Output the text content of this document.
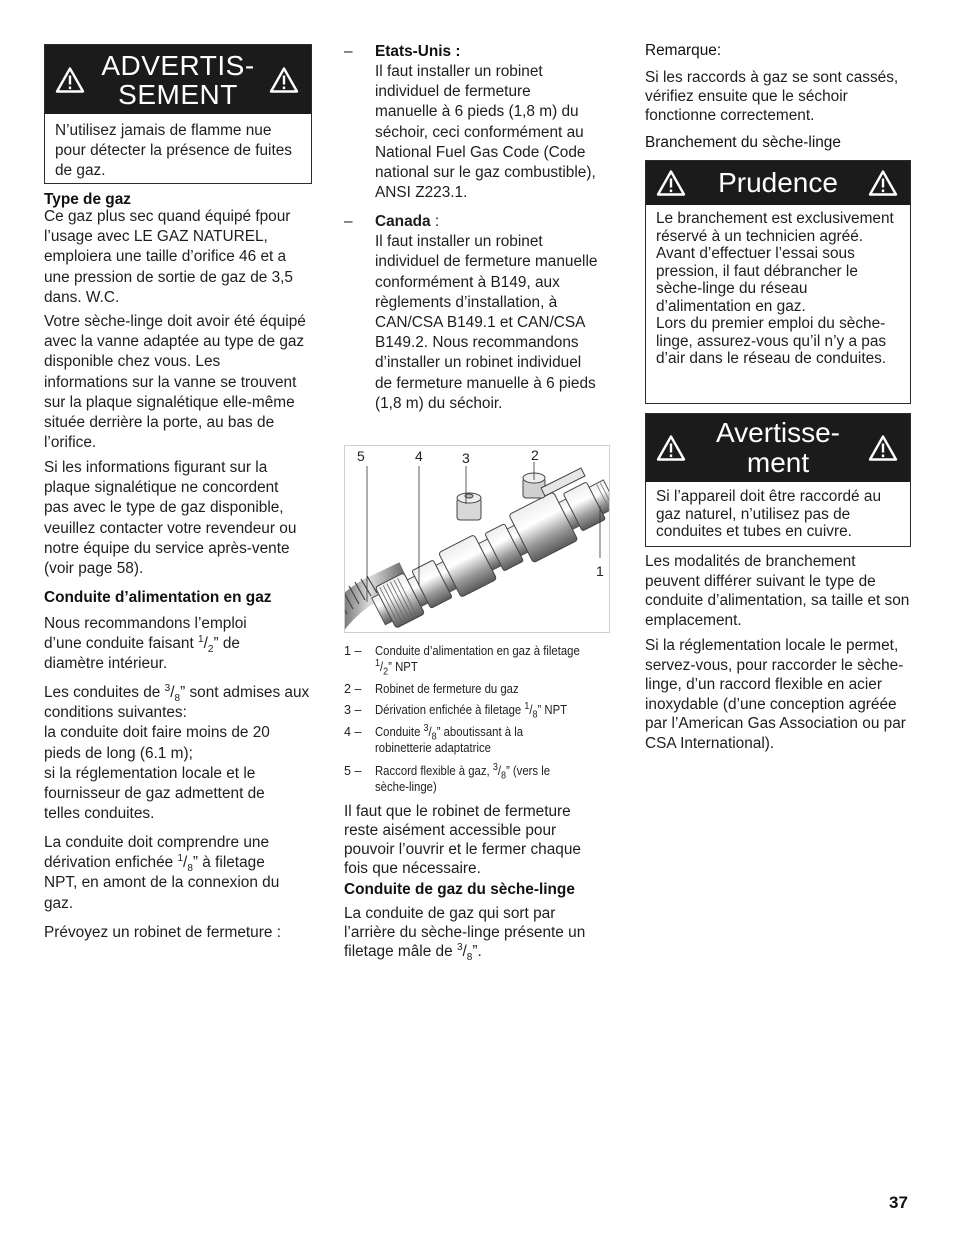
ADVERTIS-
SEMENT
N’utilisez jamais de flamme nue pour détecter la présence de fuites de gaz.
Type de gaz

Ce gaz plus sec quand équipé fpour l’usage avec LE GAZ NATUREL, emploiera une taille d’orifice 46 et a une pression de sortie de gaz de 3,5 dans. W.C.

Votre sèche-linge doit avoir été équipé avec la vanne adaptée au type de gaz disponible chez vous. Les informations sur la vanne se trouvent sur la plaque signalétique elle-même située derrière la porte, au bas de l’orifice.

Si les informations figurant sur la plaque signalétique ne concordent pas avec le type de gaz disponible, veuillez contacter votre revendeur ou notre équipe du service après-vente (voir page 58).

Conduite d’alimentation en gaz

Nous recommandons l’emploi d’une conduite faisant $^1/_2$” de diamètre intérieur.

Les conduites de $^3/_8$” sont admises aux conditions suivantes:
la conduite doit faire moins de 20 pieds de long (6.1 m);
si la réglementation locale et le fournisseur de gaz admettent de telles conduites.

La conduite doit comprendre une dérivation enfichée $^1/_8$” à filetage NPT, en amont de la connexion du gaz.

Prévoyez un robinet de fermeture :

–	Etats-Unis :

Il faut installer un robinet individuel de fermeture manuelle à 6 pieds (1,8 m) du séchoir, ceci conformément au National Fuel Gas Code (Code national sur le gaz combustible), ANSI Z223.1.

–	Canada :

Il faut installer un robinet individuel de fermeture manuelle conformément à B149, aux règlements d’installation, à CAN/CSA B149.1 et CAN/CSA B149.2. Nous recommandons d’installer un robinet individuel de fermeture manuelle à 6 pieds (1,8 m) du séchoir.

5	4	3	2
1
1 – Conduite d’alimentation en gaz à filetage $^1/_2$” NPT
2 – Robinet de fermeture du gaz
3 – Dérivation enfichée à filetage $^1/_8$” NPT
4 – Conduite $^3/_8$” aboutissant à la robinetterie adaptatrice
5 – Raccord flexible à gaz, $^3/_8$” (vers le sèche-linge)

Il faut que le robinet de fermeture reste aisément accessible pour pouvoir l’ouvrir et le fermer chaque fois que nécessaire.

Conduite de gaz du sèche-linge

La conduite de gaz qui sort par l’arrière du sèche-linge présente un filetage mâle de $^3/_8$”.

Remarque:

Si les raccords à gaz se sont cassés, vérifiez ensuite que le séchoir fonctionne correctement.

Branchement du sèche-linge
Prudence
Le branchement est exclusivement réservé à un technicien agréé.
Avant d’effectuer l’essai sous pression, il faut débrancher le sèche-linge du réseau d’alimentation en gaz.
Lors du premier emploi du sèche-linge, assurez-vous qu’il n’y a pas d’air dans le réseau de conduites.
Avertisse-
ment
Si l’appareil doit être raccordé au gaz naturel, n’utilisez pas de conduites et tubes en cuivre.

Les modalités de branchement peuvent différer suivant le type de conduite d’alimentation, sa taille et son emplacement.

Si la réglementation locale le permet, servez-vous, pour raccorder le sèche-linge, d’un raccord flexible en acier inoxydable (d’une conception agréée par l’American Gas Association ou par CSA International).

37
